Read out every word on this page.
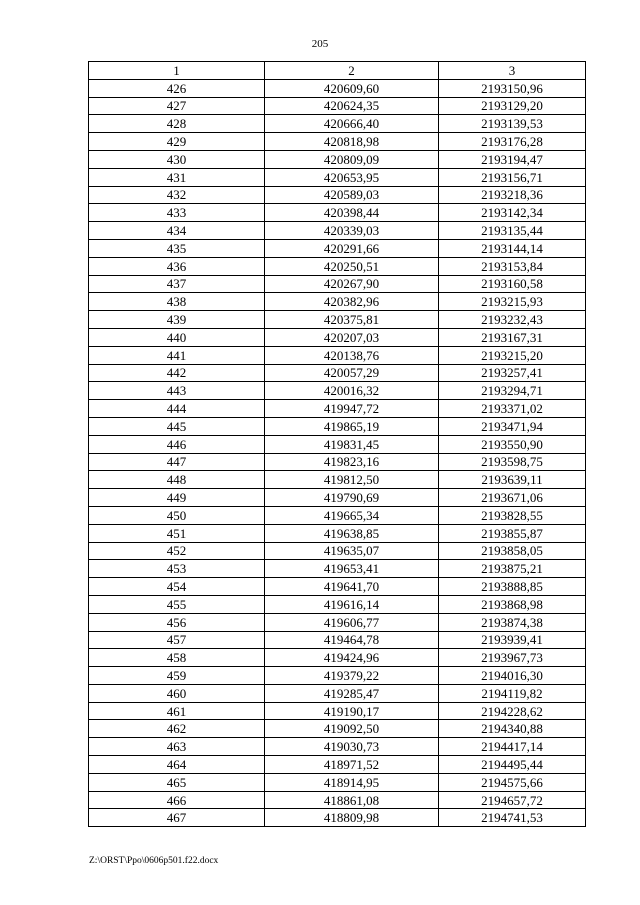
205
1	2	3
426	420609,60	2193150,96
427	420624,35	2193129,20
428	420666,40	2193139,53
429	420818,98	2193176,28
430	420809,09	2193194,47
431	420653,95	2193156,71
432	420589,03	2193218,36
433	420398,44	2193142,34
434	420339,03	2193135,44
435	420291,66	2193144,14
436	420250,51	2193153,84
437	420267,90	2193160,58
438	420382,96	2193215,93
439	420375,81	2193232,43
440	420207,03	2193167,31
441	420138,76	2193215,20
442	420057,29	2193257,41
443	420016,32	2193294,71
444	419947,72	2193371,02
445	419865,19	2193471,94
446	419831,45	2193550,90
447	419823,16	2193598,75
448	419812,50	2193639,11
449	419790,69	2193671,06
450	419665,34	2193828,55
451	419638,85	2193855,87
452	419635,07	2193858,05
453	419653,41	2193875,21
454	419641,70	2193888,85
455	419616,14	2193868,98
456	419606,77	2193874,38
457	419464,78	2193939,41
458	419424,96	2193967,73
459	419379,22	2194016,30
460	419285,47	2194119,82
461	419190,17	2194228,62
462	419092,50	2194340,88
463	419030,73	2194417,14
464	418971,52	2194495,44
465	418914,95	2194575,66
466	418861,08	2194657,72
467	418809,98	2194741,53
Z:\ORST\Ppo\0606p501.f22.docx
